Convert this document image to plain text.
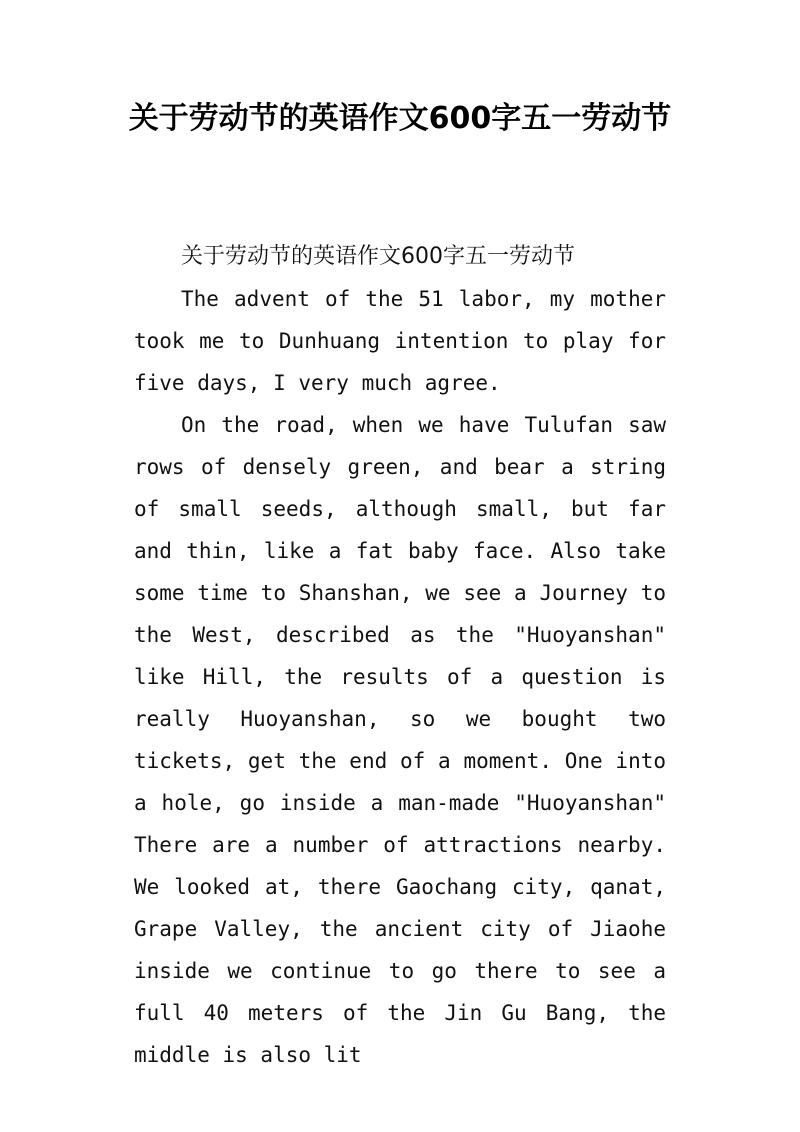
关于劳动节的英语作文600字五一劳动节

关于劳动节的英语作文600字五一劳动节

The advent of the 51 labor, my mother took me to Dunhuang intention to play for five days, I very much agree.

On the road, when we have Tulufan saw rows of densely green, and bear a string of small seeds, although small, but far and thin, like a fat baby face. Also take some time to Shanshan, we see a Journey to the West, described as the "Huoyanshan" like Hill, the results of a question is really Huoyanshan, so we bought two tickets, get the end of a moment. One into a hole, go inside a man-made "Huoyanshan" There are a number of attractions nearby. We looked at, there Gaochang city, qanat, Grape Valley, the ancient city of Jiaohe inside we continue to go there to see a full 40 meters of the Jin Gu Bang, the middle is also lit
